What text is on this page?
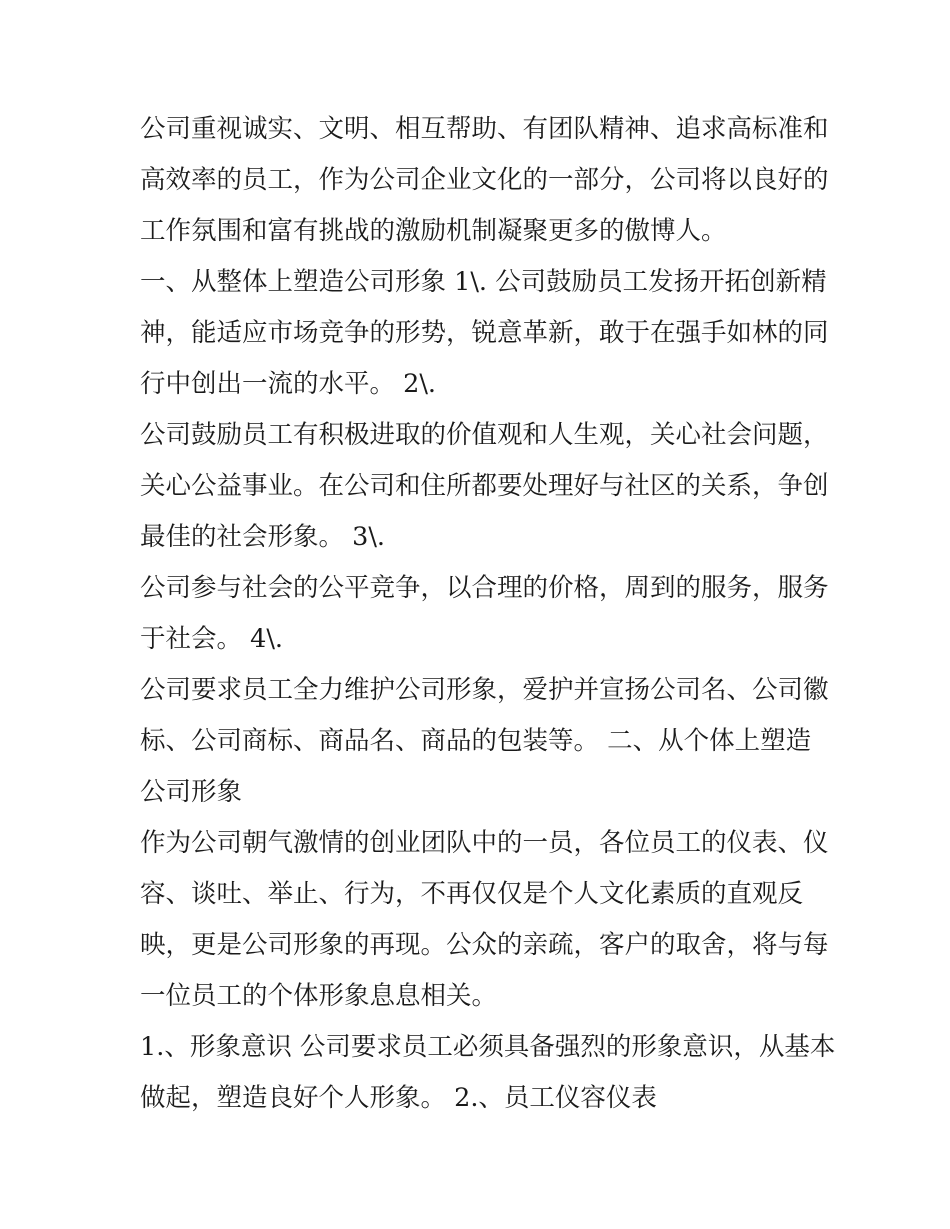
公司重视诚实、文明、相互帮助、有团队精神、追求高标准和
高效率的员工，作为公司企业文化的一部分，公司将以良好的
工作氛围和富有挑战的激励机制凝聚更多的傲博人。

一、从整体上塑造公司形象 1\. 公司鼓励员工发扬开拓创新精
神，能适应市场竞争的形势，锐意革新，敢于在强手如林的同
行中创出一流的水平。 2\.

公司鼓励员工有积极进取的价值观和人生观，关心社会问题，
关心公益事业。在公司和住所都要处理好与社区的关系，争创
最佳的社会形象。 3\.

公司参与社会的公平竞争，以合理的价格，周到的服务，服务
于社会。 4\.

公司要求员工全力维护公司形象，爱护并宣扬公司名、公司徽
标、公司商标、商品名、商品的包装等。 二、从个体上塑造
公司形象

作为公司朝气激情的创业团队中的一员，各位员工的仪表、仪
容、谈吐、举止、行为，不再仅仅是个人文化素质的直观反
映，更是公司形象的再现。公众的亲疏，客户的取舍，将与每
一位员工的个体形象息息相关。

1.、形象意识 公司要求员工必须具备强烈的形象意识，从基本
做起，塑造良好个人形象。 2.、员工仪容仪表
